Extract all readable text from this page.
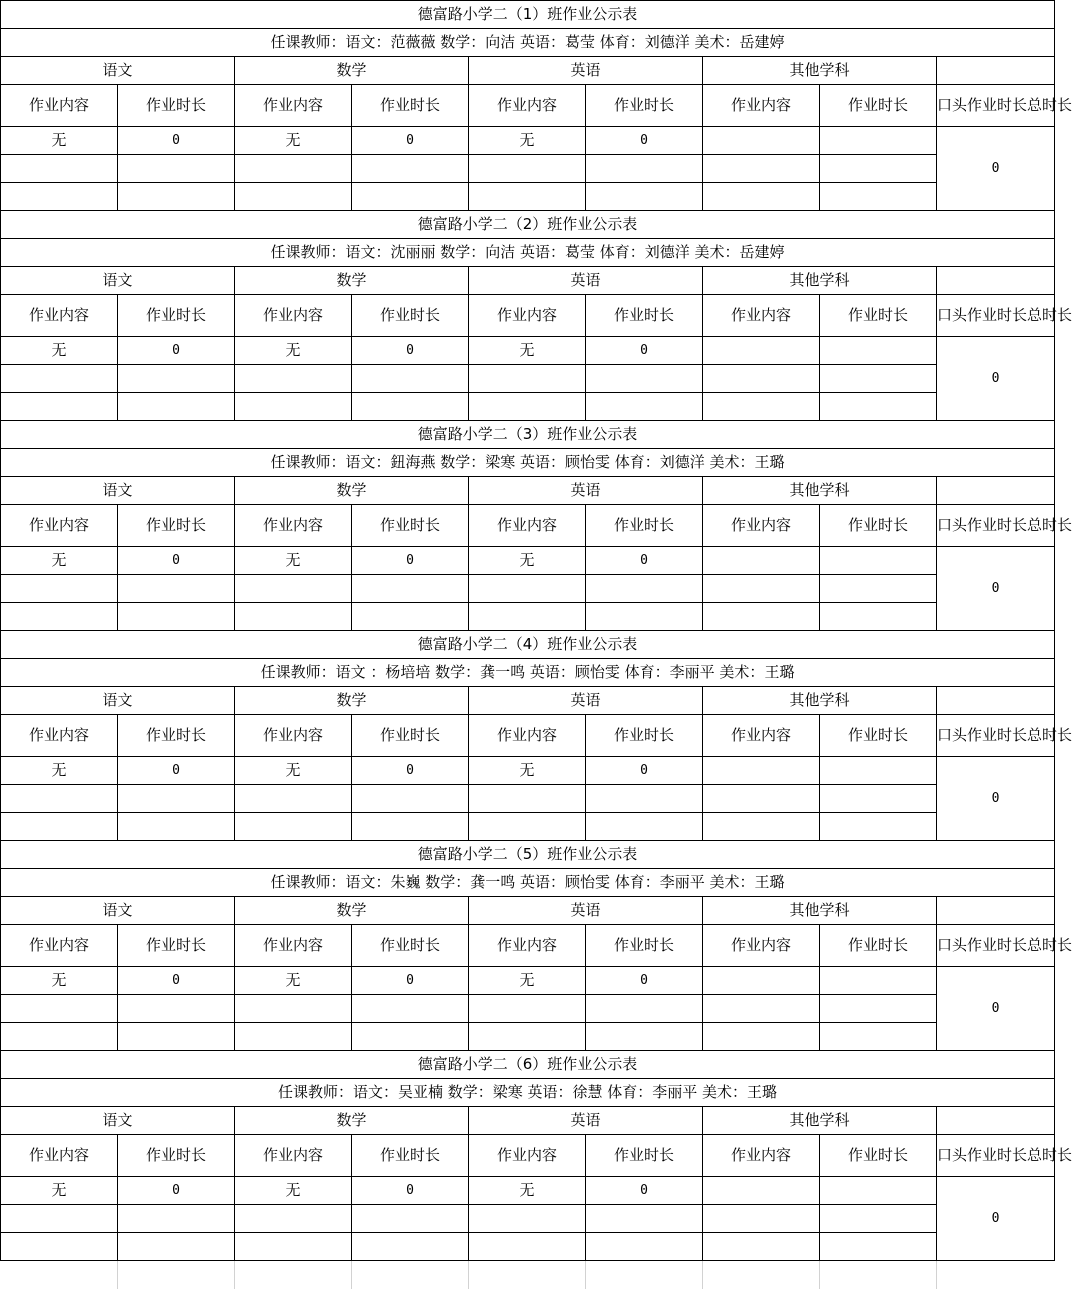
德富路小学二（1）班作业公示表								
任课教师：语文：范薇薇 数学：向洁 英语：葛莹 体育：刘德洋 美术：岳建婷								
语文		数学		英语		其他学科		
作业内容	作业时长	作业内容	作业时长	作业内容	作业时长	作业内容	作业时长	口头作业时长总时长
无	0	无	0	无	0			0

德富路小学二（2）班作业公示表								
任课教师：语文：沈丽丽 数学：向洁 英语：葛莹 体育：刘德洋 美术：岳建婷								
语文		数学		英语		其他学科		
作业内容	作业时长	作业内容	作业时长	作业内容	作业时长	作业内容	作业时长	口头作业时长总时长
无	0	无	0	无	0			0

德富路小学二（3）班作业公示表								
任课教师：语文：鈕海燕 数学：梁寒 英语：顾怡雯 体育：刘德洋 美术：王璐								
语文		数学		英语		其他学科		
作业内容	作业时长	作业内容	作业时长	作业内容	作业时长	作业内容	作业时长	口头作业时长总时长
无	0	无	0	无	0			0

德富路小学二（4）班作业公示表								
任课教师：语文 ：杨培培 数学：龚一鸣 英语：顾怡雯 体育：李丽平 美术：王璐								
语文		数学		英语		其他学科		
作业内容	作业时长	作业内容	作业时长	作业内容	作业时长	作业内容	作业时长	口头作业时长总时长
无	0	无	0	无	0			0

德富路小学二（5）班作业公示表								
任课教师：语文：朱巍 数学：龚一鸣 英语：顾怡雯 体育：李丽平 美术：王璐								
语文		数学		英语		其他学科		
作业内容	作业时长	作业内容	作业时长	作业内容	作业时长	作业内容	作业时长	口头作业时长总时长
无	0	无	0	无	0			0

德富路小学二（6）班作业公示表								
任课教师：语文：吴亚楠 数学：梁寒 英语：徐慧 体育：李丽平 美术：王璐								
语文		数学		英语		其他学科		
作业内容	作业时长	作业内容	作业时长	作业内容	作业时长	作业内容	作业时长	口头作业时长总时长
无	0	无	0	无	0			0
